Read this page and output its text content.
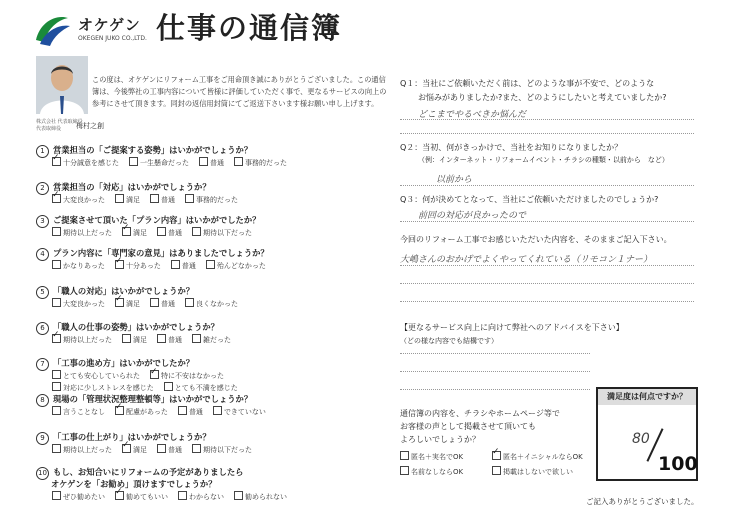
オケゲン
OKEGEN JUKO CO.,LTD. 仕事の通信簿
株式会社 代表取締役
代表取締役 梅村之創
この度は、オケゲンにリフォーム工事をご用命頂き誠にありがとうございました。この通信簿は、今後弊社の工事内容について皆様に評価していただく事で、更なるサービスの向上の参考にさせて頂きます。同封の返信用封筒にてご返送下さいます様お願い申し上げます。
1 営業担当の「ご提案する姿勢」はいかがでしょうか？
✓十分誠意を感じた	一生懸命だった	普通	事務的だった
2 営業担当の「対応」はいかがでしょうか？
✓大変良かった	満足	普通	事務的だった
3 ご提案させて頂いた「プラン内容」はいかがでしたか？
期待以上だった ✓	満足	普通	期待以下だった
4 プラン内容に「専門家の意見」はありましたでしょうか？
かなりあった ✓	十分あった	普通	殆んどなかった
5 「職人の対応」はいかがでしょうか？
大変良かった ✓	満足	普通	良くなかった
6 「職人の仕事の姿勢」はいかがでしょうか？
✓期待以上だった	満足	普通	雑だった
7 「工事の進め方」はいかがでしたか？
とても安心していられた ✓	特に不安はなかった
対応に少しストレスを感じた	とても不満を感じた
8 現場の「管理状況整理整頓等」はいかがでしょうか？
言うことなし ✓	配慮があった	普通	できていない
9 「工事の仕上がり」はいかがでしょうか？
期待以上だった ✓	満足	普通	期待以下だった
10 もし、お知合いにリフォームの予定がありましたら
オケゲンを「お勧め」頂けますでしょうか？
ぜひ勧めたい ✓	勧めてもいい	わからない	勧められない
Q１：当社にご依頼いただく前は、どのような事が不安で、どのような
お悩みがありましたか?また、どのようにしたいと考えていましたか?
どこまでやるべきか悩んだ
Q２：当初、何がきっかけで、当社をお知りになりましたか？
（例：インターネット・リフォームイベント・チラシの種類・以前から　など）
以前から
Q３：何が決めてとなって、当社にご依頼いただけましたのでしょうか?
前回の対応が良かったので
今回のリフォーム工事でお感じいただいた内容を、そのままご記入下さい。
大嶋さんのおかげでよくやってくれている（リモコン１ナー）
【更なるサービス向上に向けて弊社へのアドバイスを下さい】
（どの様な内容でも結構です）
通信簿の内容を、チラシやホームページ等で
お客様の声として掲載させて頂いても
よろしいでしょうか？
匿名＋実名でOK ✓	匿名＋イニシャルならOK
名前なしならOK	掲載はしないで欲しい
満足度は何点ですか？
80
100
ご記入ありがとうございました。
